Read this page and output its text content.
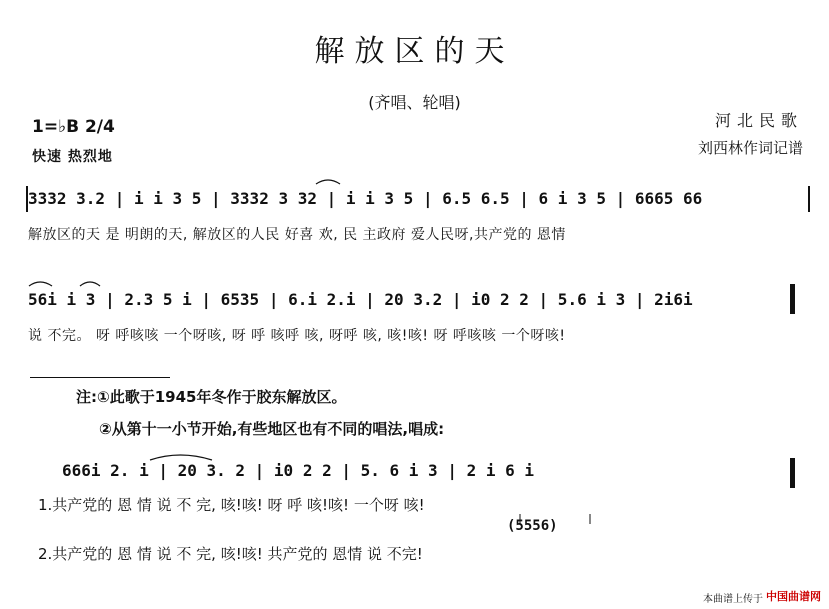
解放区的天
(齐唱、轮唱)
河北民歌
刘西林作词记谱
1=♭B 2/4
快速 热烈地
3332 3.2 | i i 3 5 | 3332 3 32 | i i 3 5 | 6.5 6.5 | 6 i 3 5 | 6665 66
解放区的天 是 明朗的天, 解放区的人民 好喜 欢, 民 主政府 爱人民呀,共产党的 恩情
56i i 3 | 2.3 5 i | 6535 | 6.i 2.i | 20 3.2 | i0 2 2 | 5.6 i 3 | 2i6i
说 不完。 呀 呼咳咳 一个呀咳, 呀 呼 咳呼 咳, 呀呼 咳, 咳!咳! 呀 呼咳咳 一个呀咳!
注:①此歌于1945年冬作于胶东解放区。
②从第十一小节开始,有些地区也有不同的唱法,唱成:
666i 2. i | 20 3. 2 | i0 2 2 | 5. 6 i 3 | 2 i 6 i
1.共产党的 恩 情 说 不 完, 咳!咳! 呀 呼 咳!咳! 一个呀 咳!
(5556)
2.共产党的 恩 情 说 不 完, 咳!咳! 共产党的 恩情 说 不完!
本曲谱上传于 中国曲谱网
